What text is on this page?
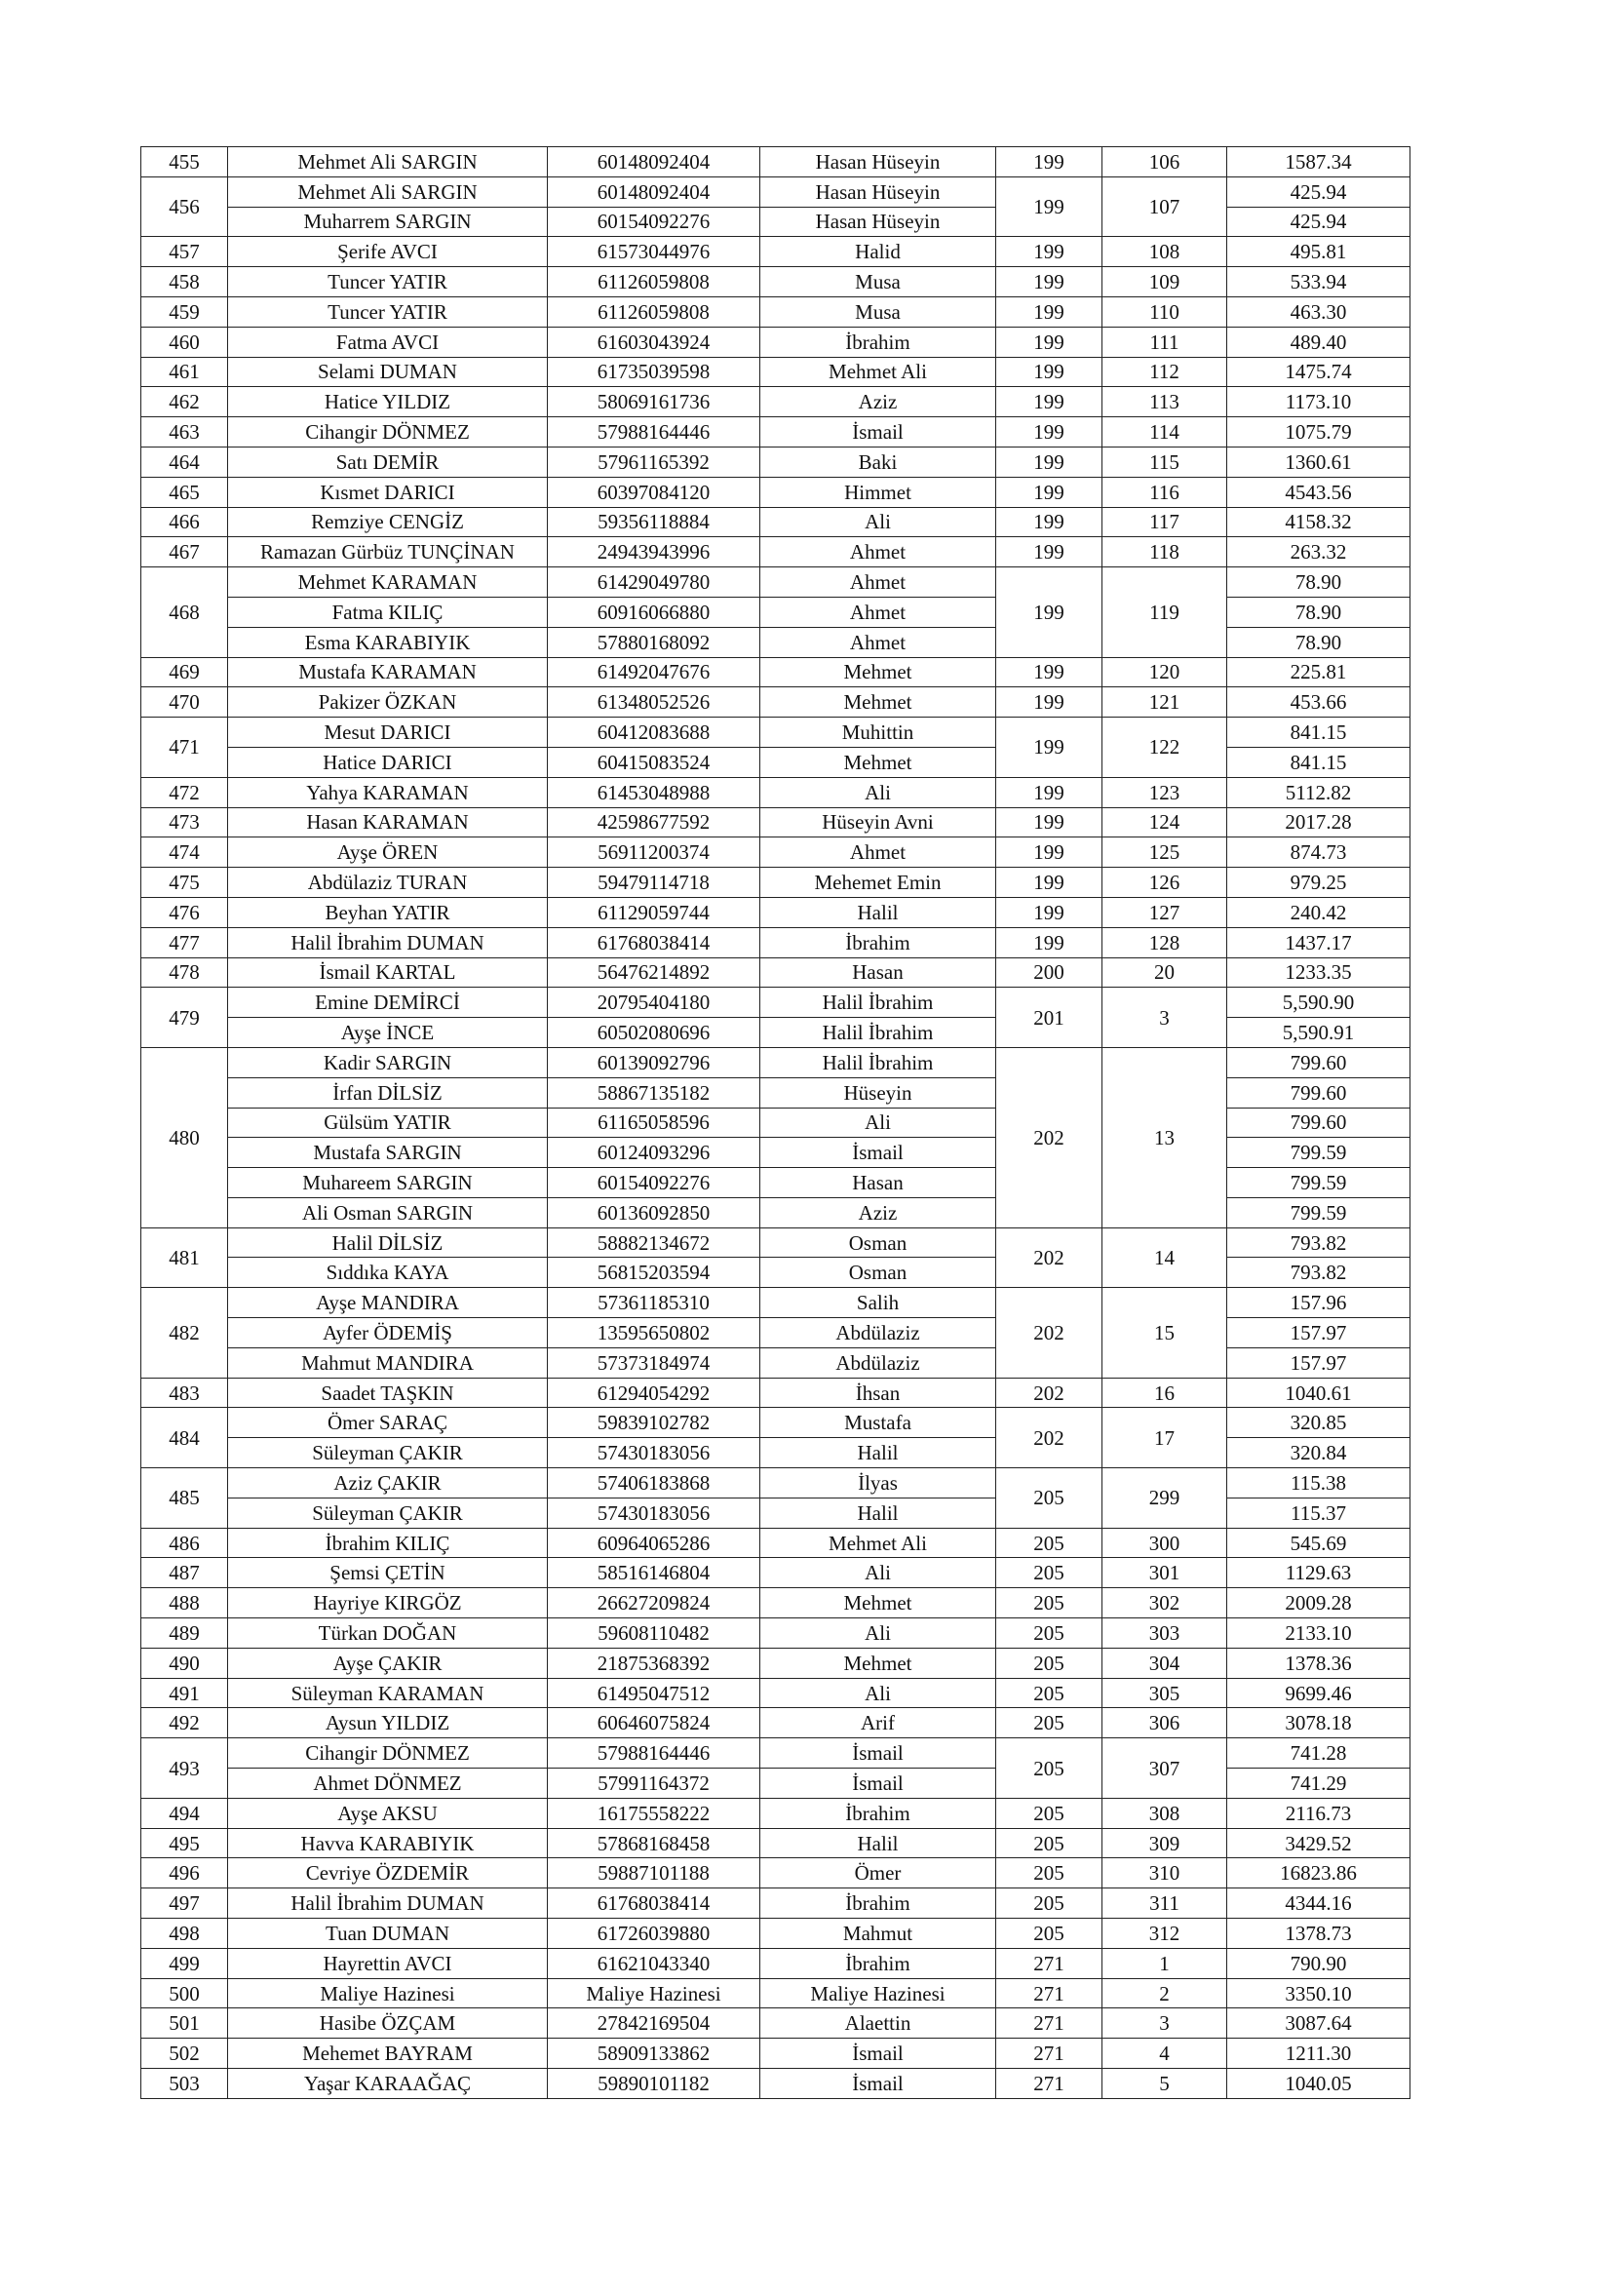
455	Mehmet Ali SARGIN	60148092404	Hasan Hüseyin	199	106	1587.34
456	Mehmet Ali SARGIN	60148092404	Hasan Hüseyin	199	107	425.94
	Muharrem SARGIN	60154092276	Hasan Hüseyin			425.94
457	Şerife AVCI	61573044976	Halid	199	108	495.81
458	Tuncer YATIR	61126059808	Musa	199	109	533.94
459	Tuncer YATIR	61126059808	Musa	199	110	463.30
460	Fatma AVCI	61603043924	İbrahim	199	111	489.40
461	Selami DUMAN	61735039598	Mehmet Ali	199	112	1475.74
462	Hatice YILDIZ	58069161736	Aziz	199	113	1173.10
463	Cihangir DÖNMEZ	57988164446	İsmail	199	114	1075.79
464	Satı DEMİR	57961165392	Baki	199	115	1360.61
465	Kısmet DARICI	60397084120	Himmet	199	116	4543.56
466	Remziye CENGİZ	59356118884	Ali	199	117	4158.32
467	Ramazan Gürbüz TUNÇİNAN	24943943996	Ahmet	199	118	263.32
468	Mehmet KARAMAN	61429049780	Ahmet	199	119	78.90
	Fatma KILIÇ	60916066880	Ahmet			78.90
	Esma KARABIYIK	57880168092	Ahmet			78.90
469	Mustafa KARAMAN	61492047676	Mehmet	199	120	225.81
470	Pakizer ÖZKAN	61348052526	Mehmet	199	121	453.66
471	Mesut DARICI	60412083688	Muhittin	199	122	841.15
	Hatice DARICI	60415083524	Mehmet			841.15
472	Yahya KARAMAN	61453048988	Ali	199	123	5112.82
473	Hasan KARAMAN	42598677592	Hüseyin Avni	199	124	2017.28
474	Ayşe ÖREN	56911200374	Ahmet	199	125	874.73
475	Abdülaziz TURAN	59479114718	Mehemet Emin	199	126	979.25
476	Beyhan YATIR	61129059744	Halil	199	127	240.42
477	Halil İbrahim DUMAN	61768038414	İbrahim	199	128	1437.17
478	İsmail KARTAL	56476214892	Hasan	200	20	1233.35
479	Emine DEMİRCİ	20795404180	Halil İbrahim	201	3	5,590.90
	Ayşe İNCE	60502080696	Halil İbrahim			5,590.91
480	Kadir SARGIN	60139092796	Halil İbrahim	202	13	799.60
	İrfan DİLSİZ	58867135182	Hüseyin			799.60
	Gülsüm YATIR	61165058596	Ali			799.60
	Mustafa SARGIN	60124093296	İsmail			799.59
	Muhareem SARGIN	60154092276	Hasan			799.59
	Ali Osman SARGIN	60136092850	Aziz			799.59
481	Halil DİLSİZ	58882134672	Osman	202	14	793.82
	Sıddıka KAYA	56815203594	Osman			793.82
482	Ayşe MANDIRA	57361185310	Salih	202	15	157.96
	Ayfer ÖDEMİŞ	13595650802	Abdülaziz			157.97
	Mahmut MANDIRA	57373184974	Abdülaziz			157.97
483	Saadet TAŞKIN	61294054292	İhsan	202	16	1040.61
484	Ömer SARAÇ	59839102782	Mustafa	202	17	320.85
	Süleyman ÇAKIR	57430183056	Halil			320.84
485	Aziz ÇAKIR	57406183868	İlyas	205	299	115.38
	Süleyman ÇAKIR	57430183056	Halil			115.37
486	İbrahim KILIÇ	60964065286	Mehmet Ali	205	300	545.69
487	Şemsi ÇETİN	58516146804	Ali	205	301	1129.63
488	Hayriye KIRGÖZ	26627209824	Mehmet	205	302	2009.28
489	Türkan DOĞAN	59608110482	Ali	205	303	2133.10
490	Ayşe ÇAKIR	21875368392	Mehmet	205	304	1378.36
491	Süleyman KARAMAN	61495047512	Ali	205	305	9699.46
492	Aysun YILDIZ	60646075824	Arif	205	306	3078.18
493	Cihangir DÖNMEZ	57988164446	İsmail	205	307	741.28
	Ahmet DÖNMEZ	57991164372	İsmail			741.29
494	Ayşe AKSU	16175558222	İbrahim	205	308	2116.73
495	Havva KARABIYIK	57868168458	Halil	205	309	3429.52
496	Cevriye ÖZDEMİR	59887101188	Ömer	205	310	16823.86
497	Halil İbrahim DUMAN	61768038414	İbrahim	205	311	4344.16
498	Tuan DUMAN	61726039880	Mahmut	205	312	1378.73
499	Hayrettin AVCI	61621043340	İbrahim	271	1	790.90
500	Maliye Hazinesi	Maliye Hazinesi	Maliye Hazinesi	271	2	3350.10
501	Hasibe ÖZÇAM	27842169504	Alaettin	271	3	3087.64
502	Mehemet BAYRAM	58909133862	İsmail	271	4	1211.30
503	Yaşar KARAAĞAÇ	59890101182	İsmail	271	5	1040.05
